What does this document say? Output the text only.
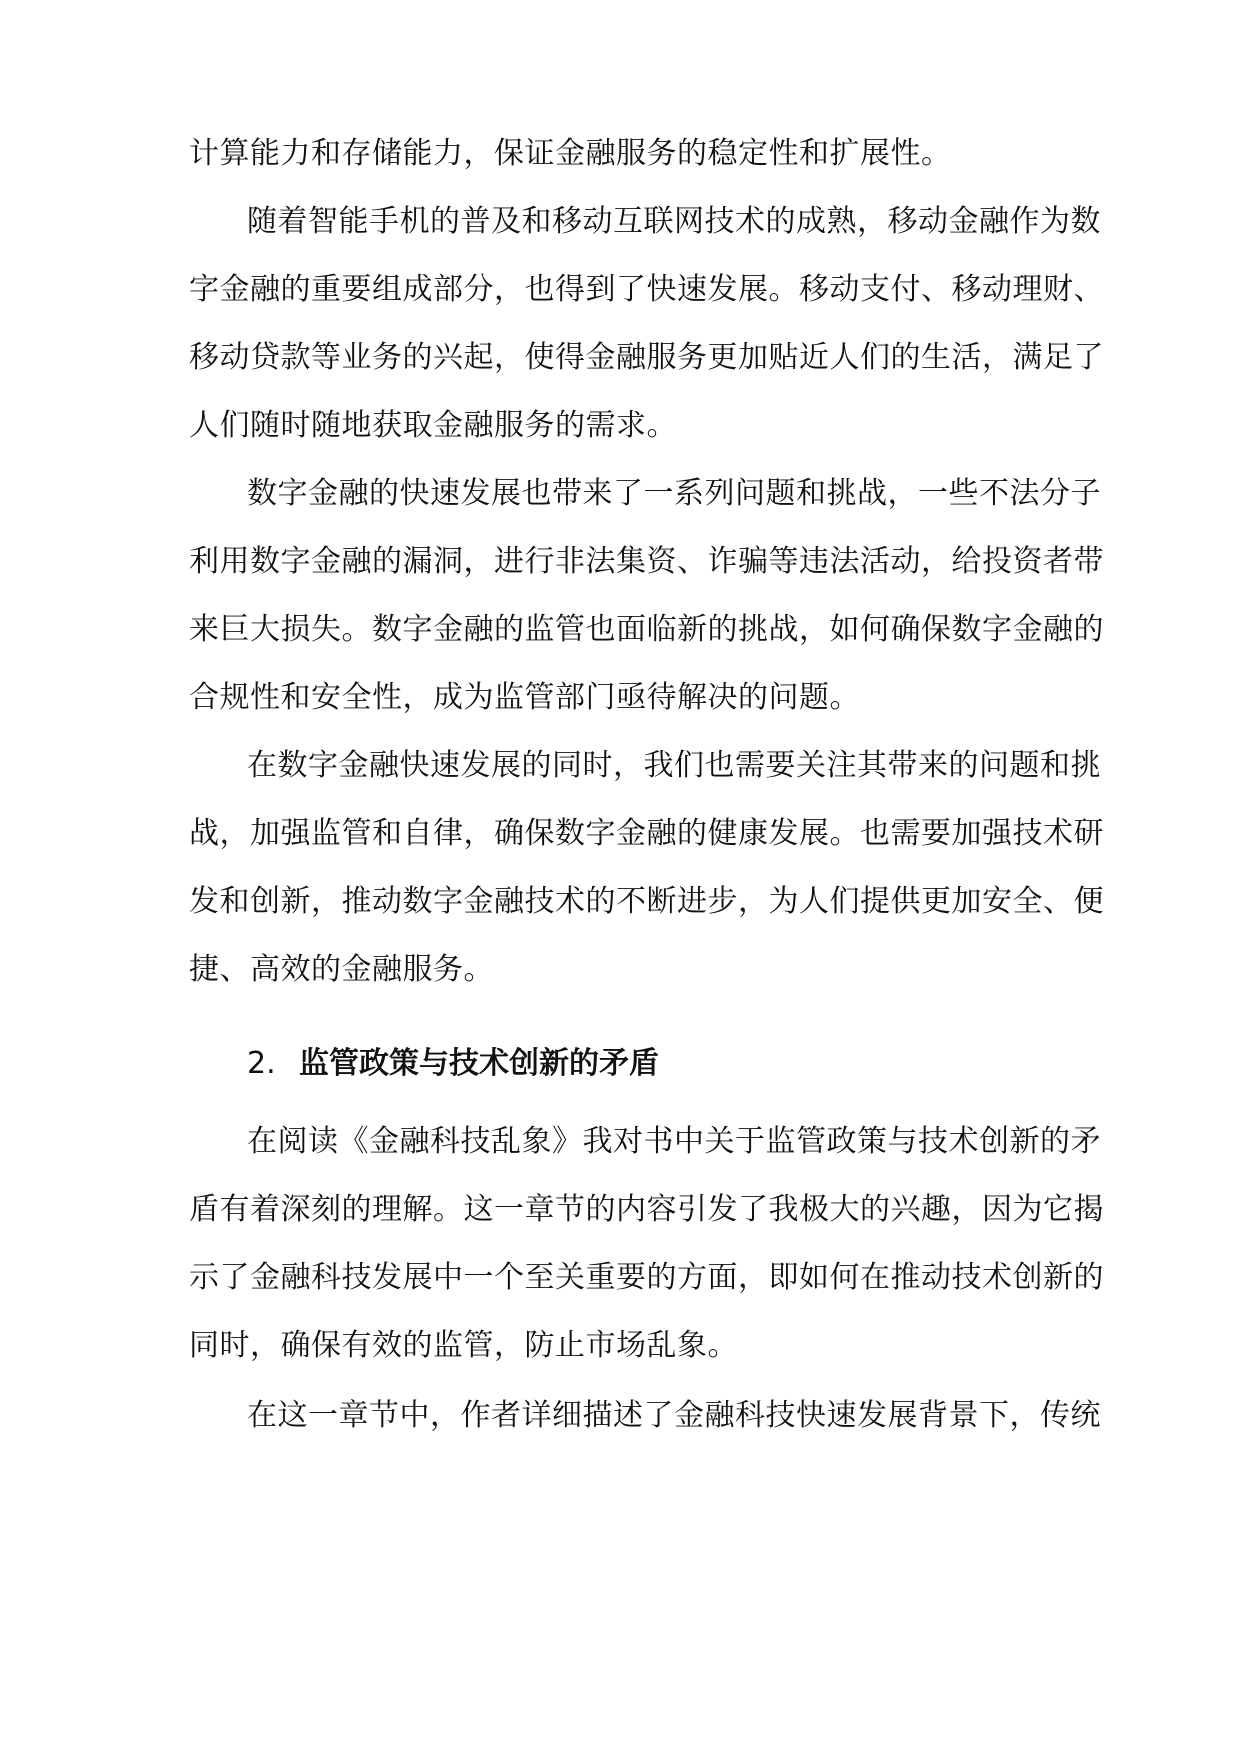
计算能力和存储能力，保证金融服务的稳定性和扩展性。
随着智能手机的普及和移动互联网技术的成熟，移动金融作为数
字金融的重要组成部分，也得到了快速发展。移动支付、移动理财、
移动贷款等业务的兴起，使得金融服务更加贴近人们的生活，满足了
人们随时随地获取金融服务的需求。
数字金融的快速发展也带来了一系列问题和挑战，一些不法分子
利用数字金融的漏洞，进行非法集资、诈骗等违法活动，给投资者带
来巨大损失。数字金融的监管也面临新的挑战，如何确保数字金融的
合规性和安全性，成为监管部门亟待解决的问题。
在数字金融快速发展的同时，我们也需要关注其带来的问题和挑
战，加强监管和自律，确保数字金融的健康发展。也需要加强技术研
发和创新，推动数字金融技术的不断进步，为人们提供更加安全、便
捷、高效的金融服务。
2. 监管政策与技术创新的矛盾
在阅读《金融科技乱象》我对书中关于监管政策与技术创新的矛
盾有着深刻的理解。这一章节的内容引发了我极大的兴趣，因为它揭
示了金融科技发展中一个至关重要的方面，即如何在推动技术创新的
同时，确保有效的监管，防止市场乱象。
在这一章节中，作者详细描述了金融科技快速发展背景下，传统
